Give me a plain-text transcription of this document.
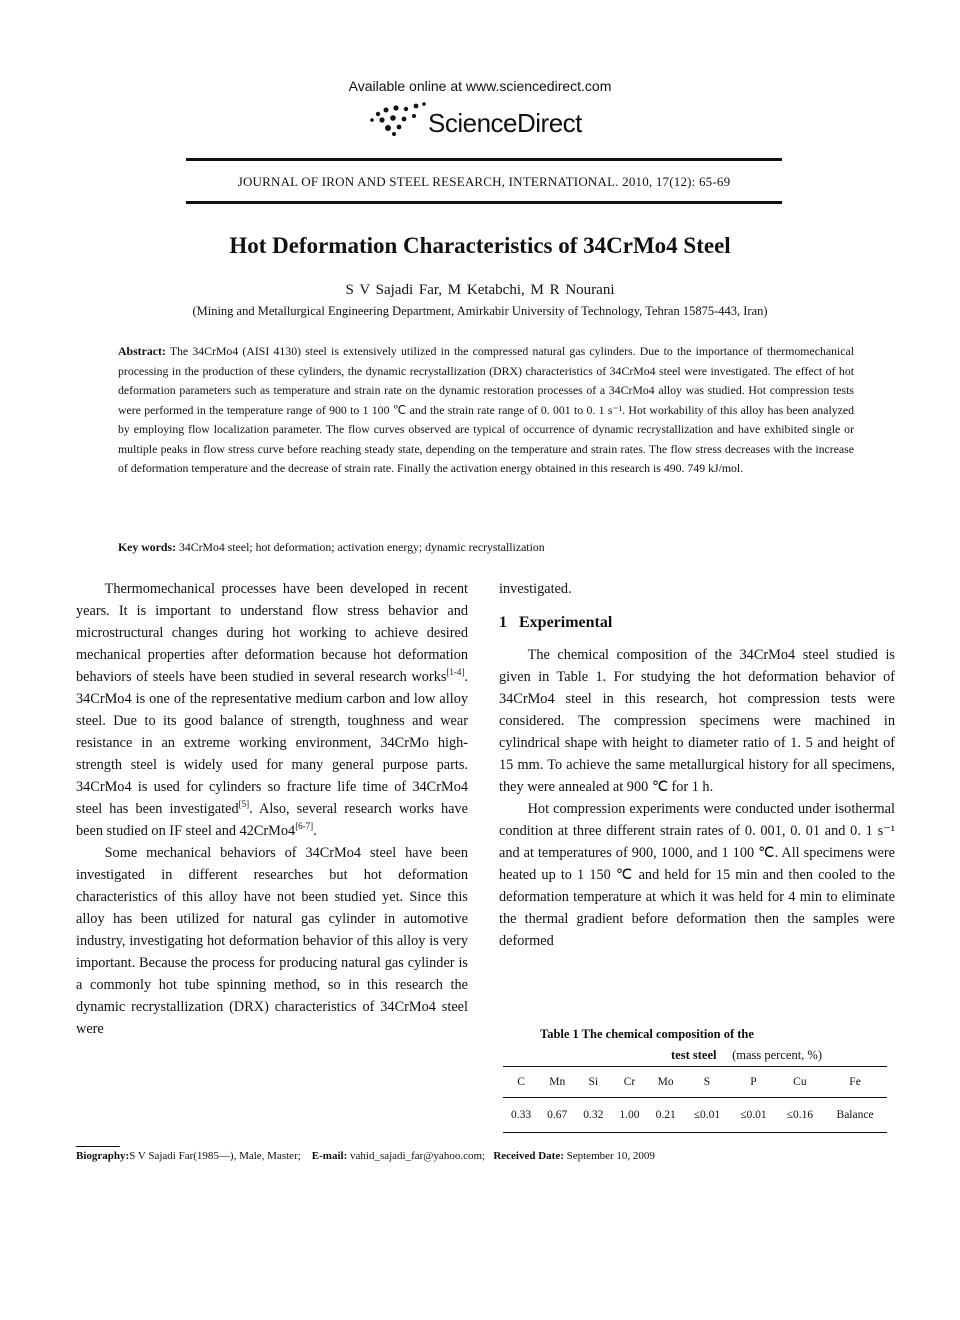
Available online at www.sciencedirect.com
ScienceDirect
JOURNAL OF IRON AND STEEL RESEARCH, INTERNATIONAL. 2010, 17(12): 65-69
Hot Deformation Characteristics of 34CrMo4 Steel
S V Sajadi Far, M Ketabchi, M R Nourani
(Mining and Metallurgical Engineering Department, Amirkabir University of Technology, Tehran 15875-443, Iran)
Abstract: The 34CrMo4 (AISI 4130) steel is extensively utilized in the compressed natural gas cylinders. Due to the importance of thermomechanical processing in the production of these cylinders, the dynamic recrystallization (DRX) characteristics of 34CrMo4 steel were investigated. The effect of hot deformation parameters such as temperature and strain rate on the dynamic restoration processes of a 34CrMo4 alloy was studied. Hot compression tests were performed in the temperature range of 900 to 1 100 ℃ and the strain rate range of 0. 001 to 0. 1 s⁻¹. Hot workability of this alloy has been analyzed by employing flow localization parameter. The flow curves observed are typical of occurrence of dynamic recrystallization and have exhibited single or multiple peaks in flow stress curve before reaching steady state, depending on the temperature and strain rates. The flow stress decreases with the increase of deformation temperature and the decrease of strain rate. Finally the activation energy obtained in this research is 490. 749 kJ/mol.
Key words: 34CrMo4 steel; hot deformation; activation energy; dynamic recrystallization

Thermomechanical processes have been developed in recent years. It is important to understand flow stress behavior and microstructural changes during hot working to achieve desired mechanical properties after deformation because hot deformation behaviors of steels have been studied in several research works[1-4]. 34CrMo4 is one of the representative medium carbon and low alloy steel. Due to its good balance of strength, toughness and wear resistance in an extreme working environment, 34CrMo high-strength steel is widely used for many general purpose parts. 34CrMo4 is used for cylinders so fracture life time of 34CrMo4 steel has been investigated[5]. Also, several research works have been studied on IF steel and 42CrMo4[6-7].

Some mechanical behaviors of 34CrMo4 steel have been investigated in different researches but hot deformation characteristics of this alloy have not been studied yet. Since this alloy has been utilized for natural gas cylinder in automotive industry, investigating hot deformation behavior of this alloy is very important. Because the process for producing natural gas cylinder is a commonly hot tube spinning method, so in this research the dynamic recrystallization (DRX) characteristics of 34CrMo4 steel were

investigated.

1 Experimental

The chemical composition of the 34CrMo4 steel studied is given in Table 1. For studying the hot deformation behavior of 34CrMo4 steel in this research, hot compression tests were considered. The compression specimens were machined in cylindrical shape with height to diameter ratio of 1. 5 and height of 15 mm. To achieve the same metallurgical history for all specimens, they were annealed at 900 ℃ for 1 h.

Hot compression experiments were conducted under isothermal condition at three different strain rates of 0. 001, 0. 01 and 0. 1 s⁻¹ and at temperatures of 900, 1000, and 1 100 ℃. All specimens were heated up to 1 150 ℃ and held for 15 min and then cooled to the deformation temperature at which it was held for 4 min to eliminate the thermal gradient before deformation then the samples were deformed

Table 1 The chemical composition of the
test steel (mass percent, %)
C	Mn	Si	Cr	Mo	S	P	Cu	Fe
0.33	0.67	0.32	1.00	0.21	≤0.01	≤0.01	≤0.16	Balance
Biography:S V Sajadi Far(1985—), Male, Master; E-mail: vahid_sajadi_far@yahoo.com; Received Date: September 10, 2009
